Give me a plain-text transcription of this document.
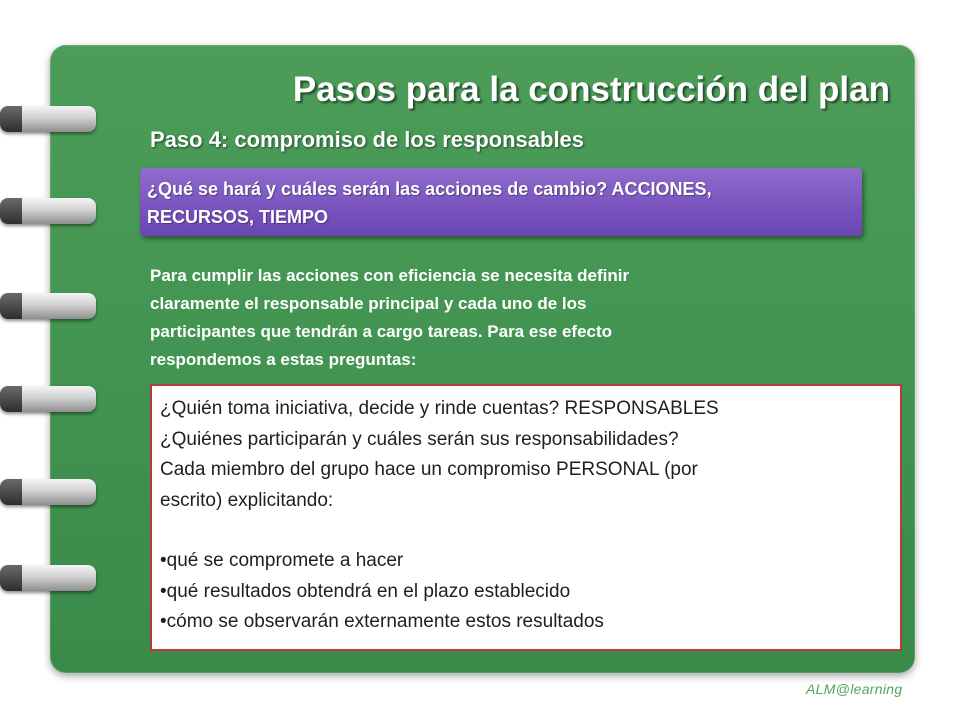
Pasos para la construcción del plan
Paso 4: compromiso de los responsables
¿Qué se hará y cuáles serán las acciones de cambio? ACCIONES,
RECURSOS, TIEMPO
Para cumplir las acciones con eficiencia se necesita definir
claramente el responsable principal y cada uno de los
participantes que tendrán a cargo tareas. Para ese efecto
respondemos a estas preguntas:
¿Quién toma iniciativa, decide y rinde cuentas? RESPONSABLES
¿Quiénes participarán y cuáles serán sus responsabilidades?
Cada miembro del grupo hace un compromiso PERSONAL (por
escrito) explicitando:
• qué se compromete a hacer
• qué resultados obtendrá en el plazo establecido
• cómo se observarán externamente estos resultados
ALM@learning
